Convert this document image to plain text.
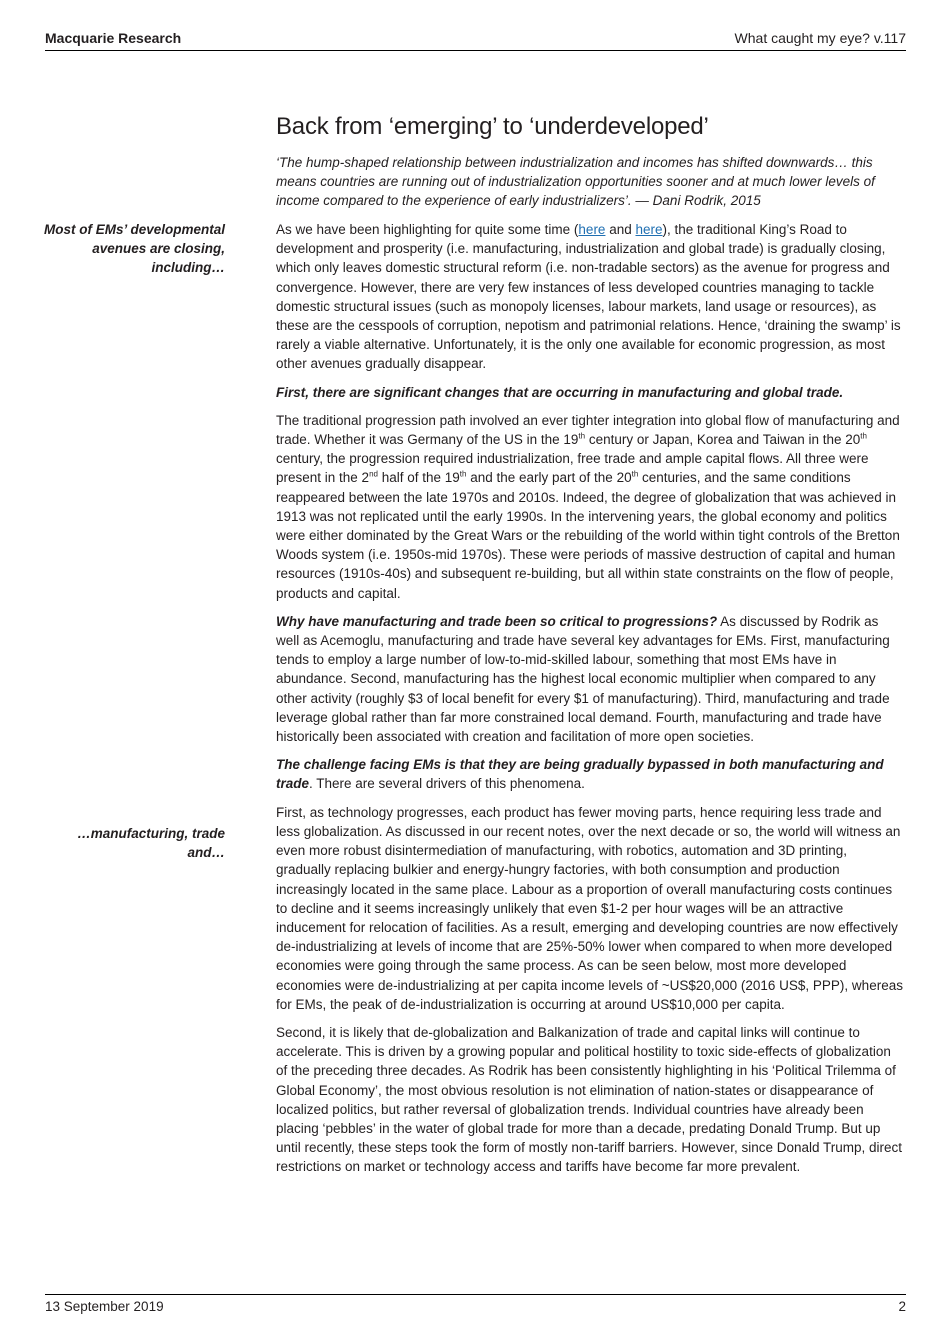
Macquarie Research	What caught my eye? v.117
Back from ‘emerging’ to ‘underdeveloped’

‘The hump-shaped relationship between industrialization and incomes has shifted downwards… this means countries are running out of industrialization opportunities sooner and at much lower levels of income compared to the experience of early industrializers’. — Dani Rodrik, 2015

Most of EMs’ developmental avenues are closing, including…
…manufacturing, trade and…

As we have been highlighting for quite some time (here and here), the traditional King’s Road to development and prosperity (i.e. manufacturing, industrialization and global trade) is gradually closing, which only leaves domestic structural reform (i.e. non-tradable sectors) as the avenue for progress and convergence. However, there are very few instances of less developed countries managing to tackle domestic structural issues (such as monopoly licenses, labour markets, land usage or resources), as these are the cesspools of corruption, nepotism and patrimonial relations. Hence, ‘draining the swamp’ is rarely a viable alternative. Unfortunately, it is the only one available for economic progression, as most other avenues gradually disappear.

First, there are significant changes that are occurring in manufacturing and global trade.

The traditional progression path involved an ever tighter integration into global flow of manufacturing and trade. Whether it was Germany of the US in the 19th century or Japan, Korea and Taiwan in the 20th century, the progression required industrialization, free trade and ample capital flows. All three were present in the 2nd half of the 19th and the early part of the 20th centuries, and the same conditions reappeared between the late 1970s and 2010s. Indeed, the degree of globalization that was achieved in 1913 was not replicated until the early 1990s. In the intervening years, the global economy and politics were either dominated by the Great Wars or the rebuilding of the world within tight controls of the Bretton Woods system (i.e. 1950s-mid 1970s). These were periods of massive destruction of capital and human resources (1910s-40s) and subsequent re-building, but all within state constraints on the flow of people, products and capital.

Why have manufacturing and trade been so critical to progressions? As discussed by Rodrik as well as Acemoglu, manufacturing and trade have several key advantages for EMs. First, manufacturing tends to employ a large number of low-to-mid-skilled labour, something that most EMs have in abundance. Second, manufacturing has the highest local economic multiplier when compared to any other activity (roughly $3 of local benefit for every $1 of manufacturing). Third, manufacturing and trade leverage global rather than far more constrained local demand. Fourth, manufacturing and trade have historically been associated with creation and facilitation of more open societies.

The challenge facing EMs is that they are being gradually bypassed in both manufacturing and trade. There are several drivers of this phenomena.

First, as technology progresses, each product has fewer moving parts, hence requiring less trade and less globalization. As discussed in our recent notes, over the next decade or so, the world will witness an even more robust disintermediation of manufacturing, with robotics, automation and 3D printing, gradually replacing bulkier and energy-hungry factories, with both consumption and production increasingly located in the same place. Labour as a proportion of overall manufacturing costs continues to decline and it seems increasingly unlikely that even $1-2 per hour wages will be an attractive inducement for relocation of facilities. As a result, emerging and developing countries are now effectively de-industrializing at levels of income that are 25%-50% lower when compared to when more developed economies were going through the same process. As can be seen below, most more developed economies were de-industrializing at per capita income levels of ~US$20,000 (2016 US$, PPP), whereas for EMs, the peak of de-industrialization is occurring at around US$10,000 per capita.

Second, it is likely that de-globalization and Balkanization of trade and capital links will continue to accelerate. This is driven by a growing popular and political hostility to toxic side-effects of globalization of the preceding three decades. As Rodrik has been consistently highlighting in his ‘Political Trilemma of Global Economy’, the most obvious resolution is not elimination of nation-states or disappearance of localized politics, but rather reversal of globalization trends. Individual countries have already been placing ‘pebbles’ in the water of global trade for more than a decade, predating Donald Trump. But up until recently, these steps took the form of mostly non-tariff barriers. However, since Donald Trump, direct restrictions on market or technology access and tariffs have become far more prevalent.

13 September 2019	2
